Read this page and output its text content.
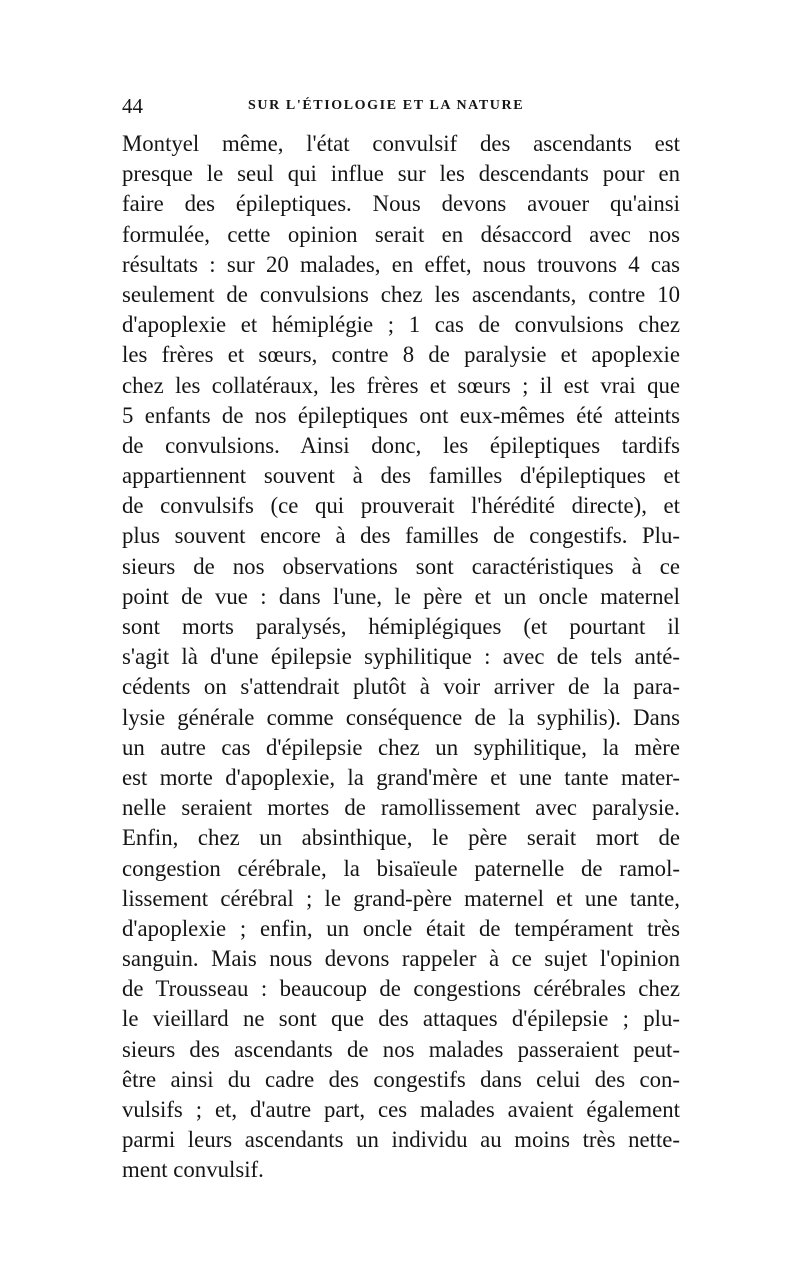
44	SUR L'ÉTIOLOGIE ET LA NATURE
Montyel même, l'état convulsif des ascendants est
presque le seul qui influe sur les descendants pour en
faire des épileptiques. Nous devons avouer qu'ainsi
formulée, cette opinion serait en désaccord avec nos
résultats : sur 20 malades, en effet, nous trouvons 4 cas
seulement de convulsions chez les ascendants, contre 10
d'apoplexie et hémiplégie ; 1 cas de convulsions chez
les frères et sœurs, contre 8 de paralysie et apoplexie
chez les collatéraux, les frères et sœurs ; il est vrai que
5 enfants de nos épileptiques ont eux-mêmes été atteints
de convulsions. Ainsi donc, les épileptiques tardifs
appartiennent souvent à des familles d'épileptiques et
de convulsifs (ce qui prouverait l'hérédité directe), et
plus souvent encore à des familles de congestifs. Plu-
sieurs de nos observations sont caractéristiques à ce
point de vue : dans l'une, le père et un oncle maternel
sont morts paralysés, hémiplégiques (et pourtant il
s'agit là d'une épilepsie syphilitique : avec de tels anté-
cédents on s'attendrait plutôt à voir arriver de la para-
lysie générale comme conséquence de la syphilis). Dans
un autre cas d'épilepsie chez un syphilitique, la mère
est morte d'apoplexie, la grand'mère et une tante mater-
nelle seraient mortes de ramollissement avec paralysie.
Enfin, chez un absinthique, le père serait mort de
congestion cérébrale, la bisaïeule paternelle de ramol-
lissement cérébral ; le grand-père maternel et une tante,
d'apoplexie ; enfin, un oncle était de tempérament très
sanguin. Mais nous devons rappeler à ce sujet l'opinion
de Trousseau : beaucoup de congestions cérébrales chez
le vieillard ne sont que des attaques d'épilepsie ; plu-
sieurs des ascendants de nos malades passeraient peut-
être ainsi du cadre des congestifs dans celui des con-
vulsifs ; et, d'autre part, ces malades avaient également
parmi leurs ascendants un individu au moins très nette-
ment convulsif.
